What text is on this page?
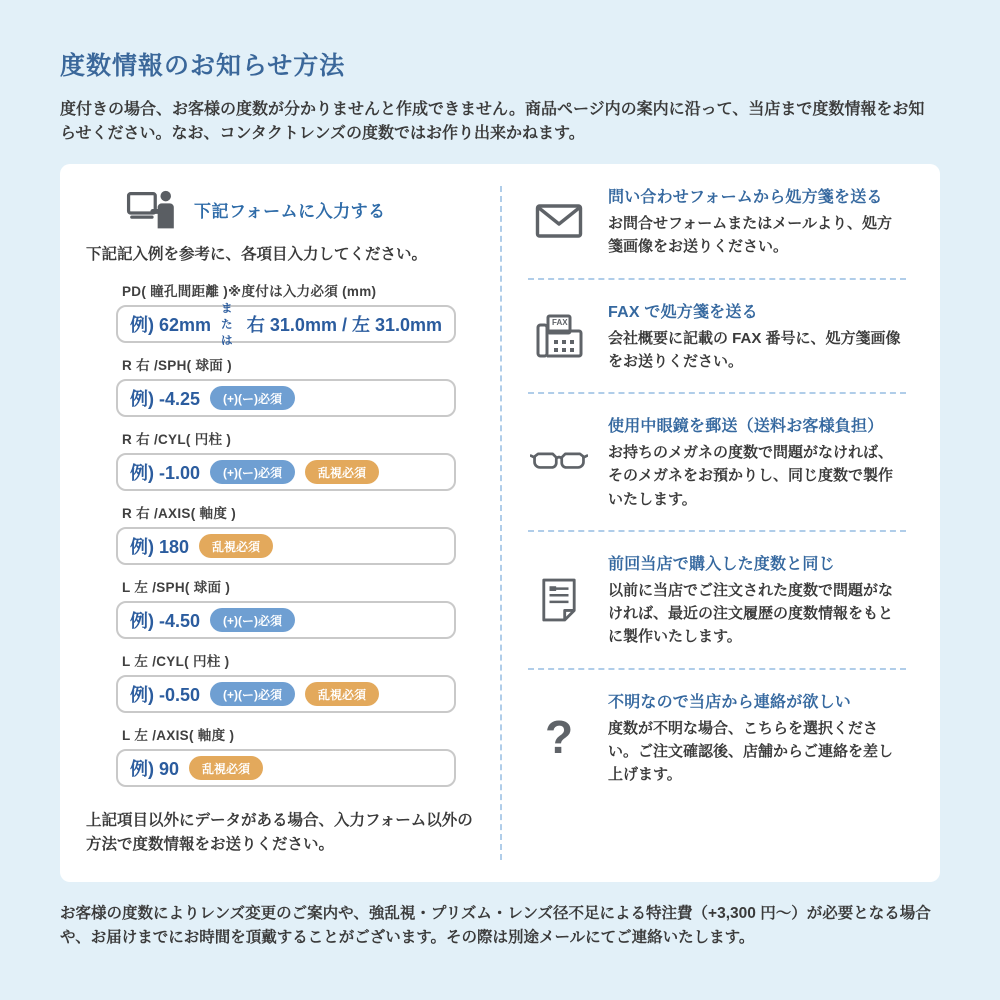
度数情報のお知らせ方法

度付きの場合、お客様の度数が分かりませんと作成できません。商品ページ内の案内に沿って、当店まで度数情報をお知らせください。なお、コンタクトレンズの度数ではお作り出来かねます。

下記フォームに入力する

下記記入例を参考に、各項目入力してください。

PD( 瞳孔間距離 )※度付は入力必須 (mm)
例) 62mm
または
右 31.0mm / 左 31.0mm
R 右 /SPH( 球面 )
例) -4.25	(+)(ー)必須
R 右 /CYL( 円柱 )
例) -1.00	(+)(ー)必須	乱視必須
R 右 /AXIS( 軸度 )
例) 180	乱視必須
L 左 /SPH( 球面 )
例) -4.50	(+)(ー)必須
L 左 /CYL( 円柱 )
例) -0.50	(+)(ー)必須	乱視必須
L 左 /AXIS( 軸度 )
例) 90	乱視必須

上記項目以外にデータがある場合、入力フォーム以外の方法で度数情報をお送りください。

問い合わせフォームから処方箋を送る
お問合せフォームまたはメールより、処方箋画像をお送りください。
FAX
FAX で処方箋を送る
会社概要に記載の FAX 番号に、処方箋画像をお送りください。
使用中眼鏡を郵送（送料お客様負担）
お持ちのメガネの度数で問題がなければ、そのメガネをお預かりし、同じ度数で製作いたします。
前回当店で購入した度数と同じ
以前に当店でご注文された度数で問題がなければ、最近の注文履歴の度数情報をもとに製作いたします。
?
不明なので当店から連絡が欲しい
度数が不明な場合、こちらを選択ください。ご注文確認後、店舗からご連絡を差し上げます。

お客様の度数によりレンズ変更のご案内や、強乱視・プリズム・レンズ径不足による特注費（+3,300 円～）が必要となる場合や、お届けまでにお時間を頂戴することがございます。その際は別途メールにてご連絡いたします。
